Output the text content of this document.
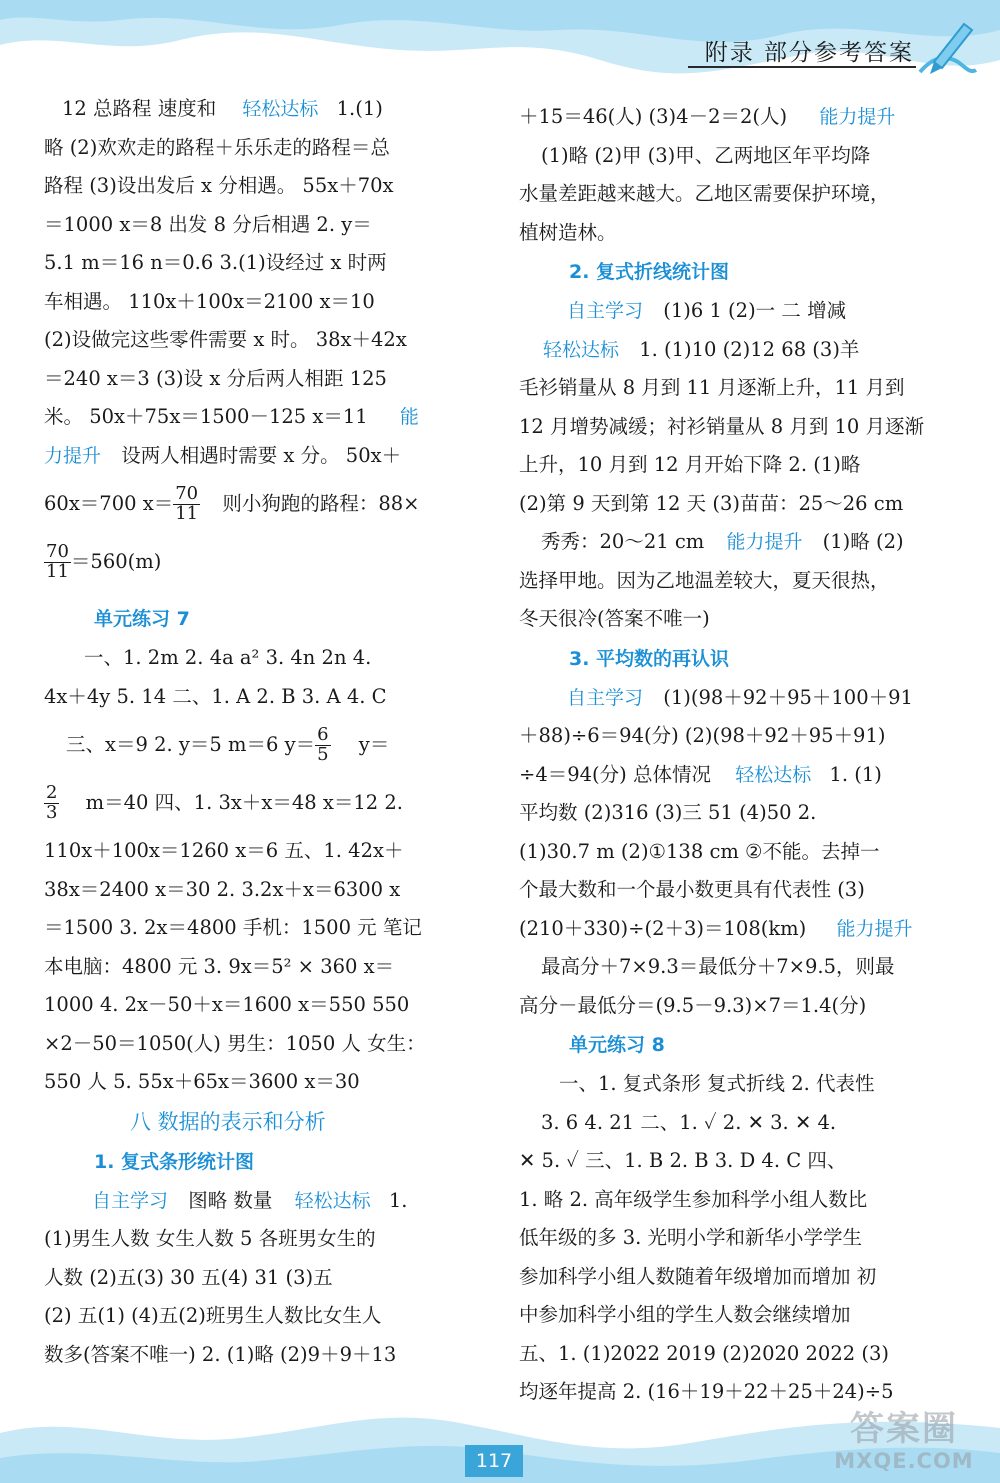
附录 部分参考答案
12 总路程 速度和 轻松达标 1.(1)
略 (2)欢欢走的路程＋乐乐走的路程＝总
路程 (3)设出发后 x 分相遇。 55x＋70x
＝1000 x＝8 出发 8 分后相遇 2. y＝
5.1 m＝16 n＝0.6 3.(1)设经过 x 时两
车相遇。 110x＋100x＝2100 x＝10
(2)设做完这些零件需要 x 时。 38x＋42x
＝240 x＝3 (3)设 x 分后两人相距 125
米。 50x＋75x＝1500－125 x＝11 能
力提升 设两人相遇时需要 x 分。 50x＋
60x＝700 $x= \frac{70}{11}$ 则小狗跑的路程：88×
$\frac{70}{11} =560(m)$
单元练习 7
一、1. 2m 2. 4a a² 3. 4n 2n 4.
4x＋4y 5. 14 二、1. A 2. B 3. A 4. C
三、x＝9 2. y＝5 m＝6 $y= \frac{6}{5} y=$
$\frac{2}{3} m=40$ 四、1. 3x＋x＝48 x＝12 2.
110x＋100x＝1260 x＝6 五、1. 42x＋
38x＝2400 x＝30 2. 3.2x＋x＝6300 x
＝1500 3. 2x＝4800 手机：1500 元 笔记
本电脑：4800 元 3. 9x＝5² × 360 x＝
1000 4. 2x－50＋x＝1600 x＝550 550
×2－50＝1050(人) 男生：1050 人 女生：
550 人 5. 55x＋65x＝3600 x＝30
八 数据的表示和分析
1. 复式条形统计图
自主学习 图略 数量 轻松达标 1.
(1)男生人数 女生人数 5 各班男女生的
人数 (2)五(3) 30 五(4) 31 (3)五
(2) 五(1) (4)五(2)班男生人数比女生人
数多(答案不唯一) 2. (1)略 (2)9＋9＋13
＋15＝46(人) (3)4－2＝2(人) 能力提升
(1)略 (2)甲 (3)甲、乙两地区年平均降
水量差距越来越大。乙地区需要保护环境，
植树造林。
2. 复式折线统计图
自主学习 (1)6 1 (2)一 二 增减
轻松达标 1. (1)10 (2)12 68 (3)羊
毛衫销量从 8 月到 11 月逐渐上升，11 月到
12 月增势减缓；衬衫销量从 8 月到 10 月逐渐
上升，10 月到 12 月开始下降 2. (1)略
(2)第 9 天到第 12 天 (3)苗苗：25～26 cm
秀秀：20～21 cm 能力提升 (1)略 (2)
选择甲地。因为乙地温差较大，夏天很热，
冬天很冷(答案不唯一)
3. 平均数的再认识
自主学习 (1)(98＋92＋95＋100＋91
＋88)÷6＝94(分) (2)(98＋92＋95＋91)
÷4＝94(分) 总体情况 轻松达标 1. (1)
平均数 (2)316 (3)三 51 (4)50 2.
(1)30.7 m (2)①138 cm ②不能。去掉一
个最大数和一个最小数更具有代表性 (3)
(210＋330)÷(2＋3)＝108(km) 能力提升
最高分＋7×9.3＝最低分＋7×9.5，则最
高分－最低分＝(9.5－9.3)×7＝1.4(分)
单元练习 8
一、1. 复式条形 复式折线 2. 代表性
3. 6 4. 21 二、1. ✓ 2. ✕ 3. ✕ 4.
✕ 5. ✓ 三、1. B 2. B 3. D 4. C 四、
1. 略 2. 高年级学生参加科学小组人数比
低年级的多 3. 光明小学和新华小学学生
参加科学小组人数随着年级增加而增加 初
中参加科学小组的学生人数会继续增加
五、1. (1)2022 2019 (2)2020 2022 (3)
均逐年提高 2. (16＋19＋22＋25＋24)÷5
117
答案圈
MXQE.COM
